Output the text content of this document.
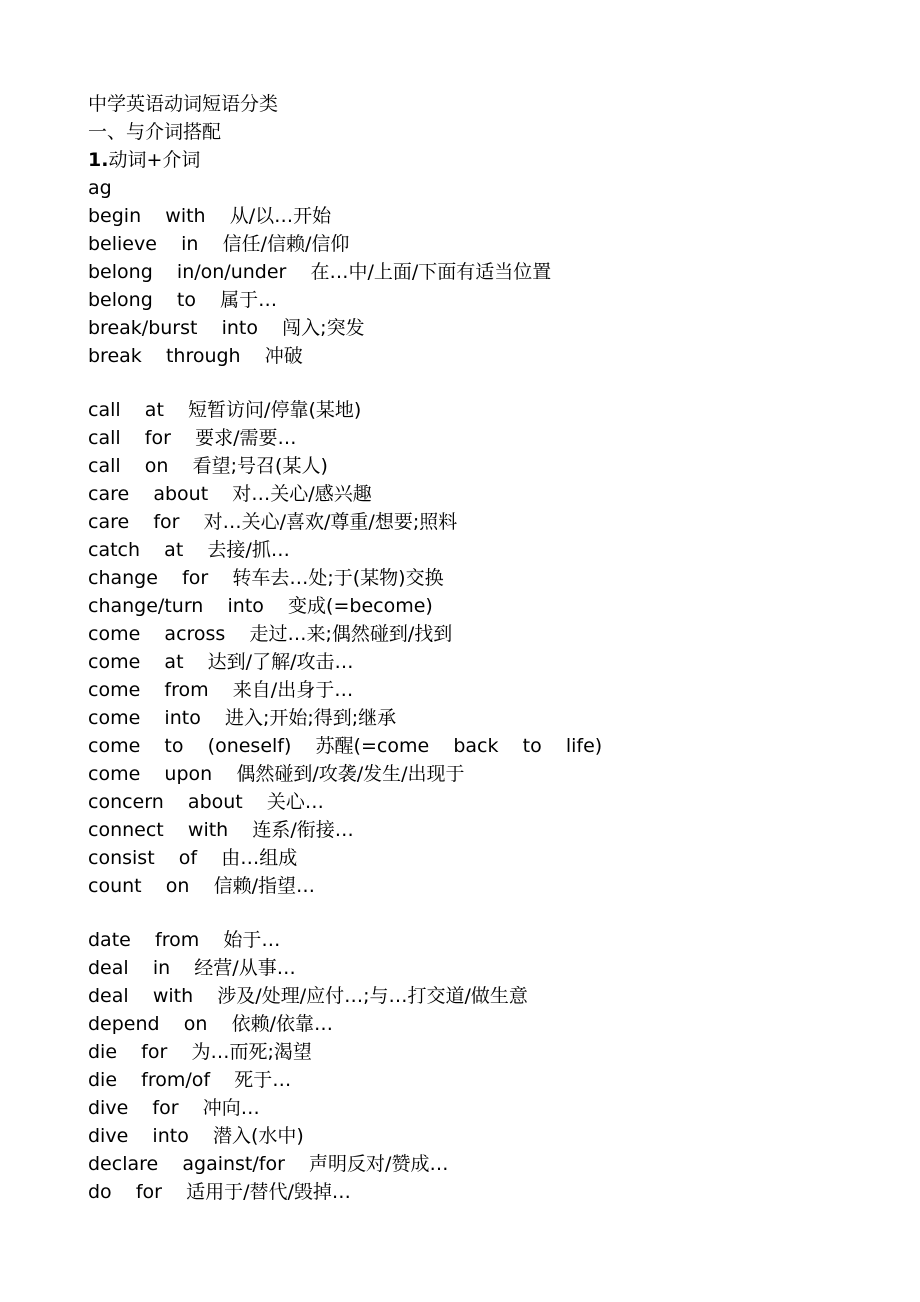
中学英语动词短语分类
一、与介词搭配
1.动词+介词
ag
begin    with    从/以…开始
believe    in    信任/信赖/信仰
belong    in/on/under    在…中/上面/下面有适当位置
belong    to    属于…
break/burst    into    闯入;突发
break    through    冲破
call    at    短暂访问/停靠(某地)
call    for    要求/需要…
call    on    看望;号召(某人)
care    about    对…关心/感兴趣
care    for    对…关心/喜欢/尊重/想要;照料
catch    at    去接/抓…
change    for    转车去…处;于(某物)交换
change/turn    into    变成(=become)
come    across    走过…来;偶然碰到/找到
come    at    达到/了解/攻击…
come    from    来自/出身于…
come    into    进入;开始;得到;继承
come    to    (oneself)    苏醒(=come    back    to    life)
come    upon    偶然碰到/攻袭/发生/出现于
concern    about    关心…
connect    with    连系/衔接…
consist    of    由…组成
count    on    信赖/指望…
date    from    始于…
deal    in    经营/从事…
deal    with    涉及/处理/应付…;与…打交道/做生意
depend    on    依赖/依靠…
die    for    为…而死;渴望
die    from/of    死于…
dive    for    冲向…
dive    into    潜入(水中)
declare    against/for    声明反对/赞成…
do    for    适用于/替代/毁掉…
